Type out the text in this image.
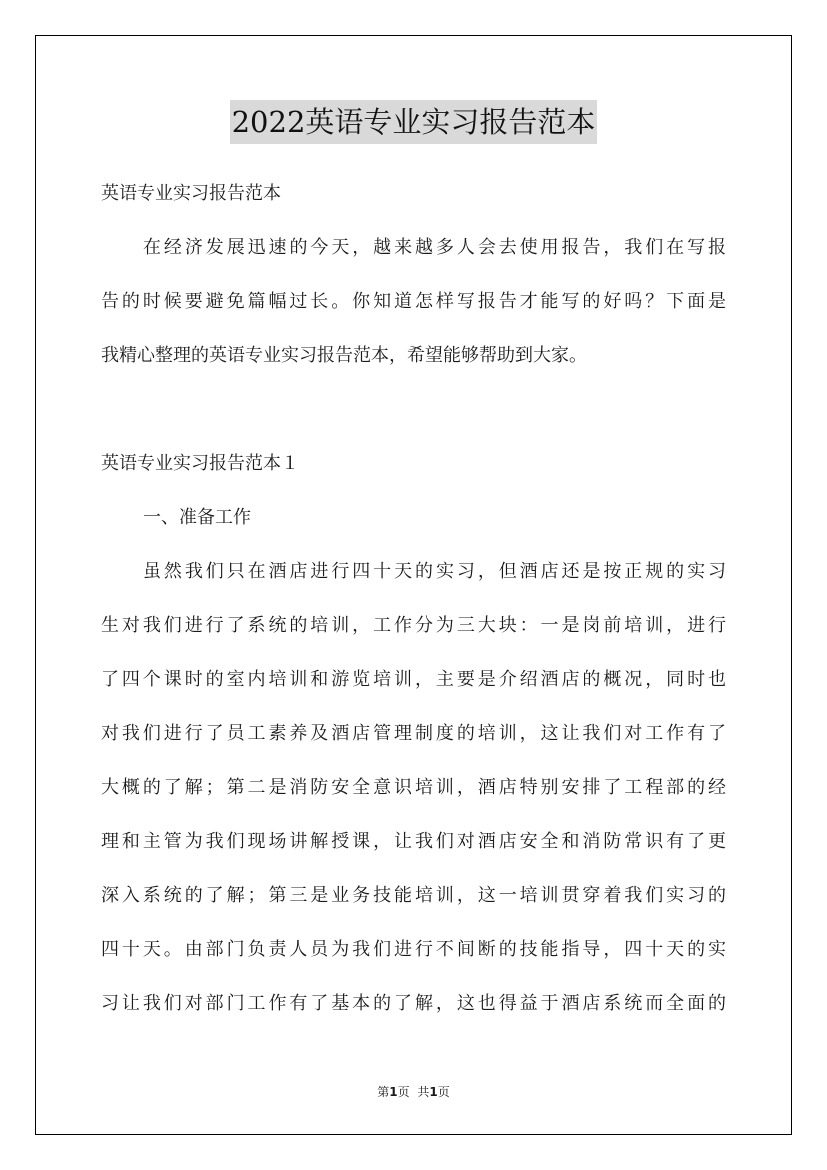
2022英语专业实习报告范本
英语专业实习报告范本
在经济发展迅速的今天，越来越多人会去使用报告，我们在写报
告的时候要避免篇幅过长。你知道怎样写报告才能写的好吗？下面是
我精心整理的英语专业实习报告范本，希望能够帮助到大家。
英语专业实习报告范本１
一、准备工作
虽然我们只在酒店进行四十天的实习，但酒店还是按正规的实习
生对我们进行了系统的培训，工作分为三大块：一是岗前培训，进行
了四个课时的室内培训和游览培训，主要是介绍酒店的概况，同时也
对我们进行了员工素养及酒店管理制度的培训，这让我们对工作有了
大概的了解；第二是消防安全意识培训，酒店特别安排了工程部的经
理和主管为我们现场讲解授课，让我们对酒店安全和消防常识有了更
深入系统的了解；第三是业务技能培训，这一培训贯穿着我们实习的
四十天。由部门负责人员为我们进行不间断的技能指导，四十天的实
习让我们对部门工作有了基本的了解，这也得益于酒店系统而全面的
第1页 共1页
